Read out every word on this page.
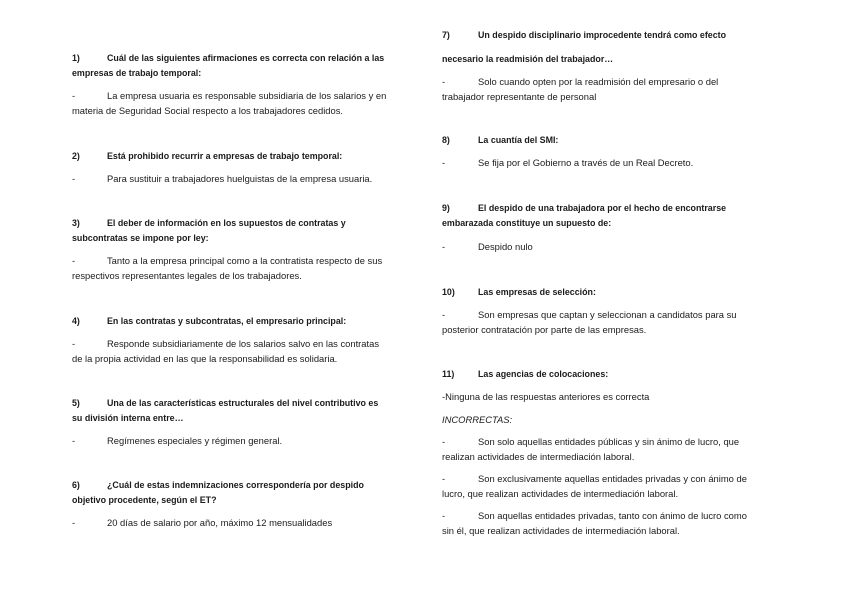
1)	Cuál de las siguientes afirmaciones es correcta con relación a las
empresas de trabajo temporal:
-	La empresa usuaria es responsable subsidiaria de los salarios y en
materia de Seguridad Social respecto a los trabajadores cedidos.
2)	Está prohibido recurrir a empresas de trabajo temporal:
-	Para sustituir a trabajadores huelguistas de la empresa usuaria.
3)	El deber de información en los supuestos de contratas y
subcontratas se impone por ley:
-	Tanto a la empresa principal como a la contratista respecto de sus
respectivos representantes legales de los trabajadores.
4)	En las contratas y subcontratas, el empresario principal:
-	Responde subsidiariamente de los salarios salvo en las contratas
de la propia actividad en las que la responsabilidad es solidaria.
5)	Una de las características estructurales del nivel contributivo es
su división interna entre…
-	Regímenes especiales y régimen general.
6)	¿Cuál de estas indemnizaciones correspondería por despido
objetivo procedente, según el ET?
-	20 días de salario por año, máximo 12 mensualidades
7)	Un despido disciplinario improcedente tendrá como efecto
necesario la readmisión del trabajador…
-	Solo cuando opten por la readmisión del empresario o del
trabajador representante de personal
8)	La cuantía del SMI:
-	Se fija por el Gobierno a través de un Real Decreto.
9)	El despido de una trabajadora por el hecho de encontrarse
embarazada constituye un supuesto de:
-	Despido nulo
10)	Las empresas de selección:
-	Son empresas que captan y seleccionan a candidatos para su
posterior contratación por parte de las empresas.
11)	Las agencias de colocaciones:
-Ninguna de las respuestas anteriores es correcta
INCORRECTAS:
-	Son solo aquellas entidades públicas y sin ánimo de lucro, que
realizan actividades de intermediación laboral.
-	Son exclusivamente aquellas entidades privadas y con ánimo de
lucro, que realizan actividades de intermediación laboral.
-	Son aquellas entidades privadas, tanto con ánimo de lucro como
sin él, que realizan actividades de intermediación laboral.
